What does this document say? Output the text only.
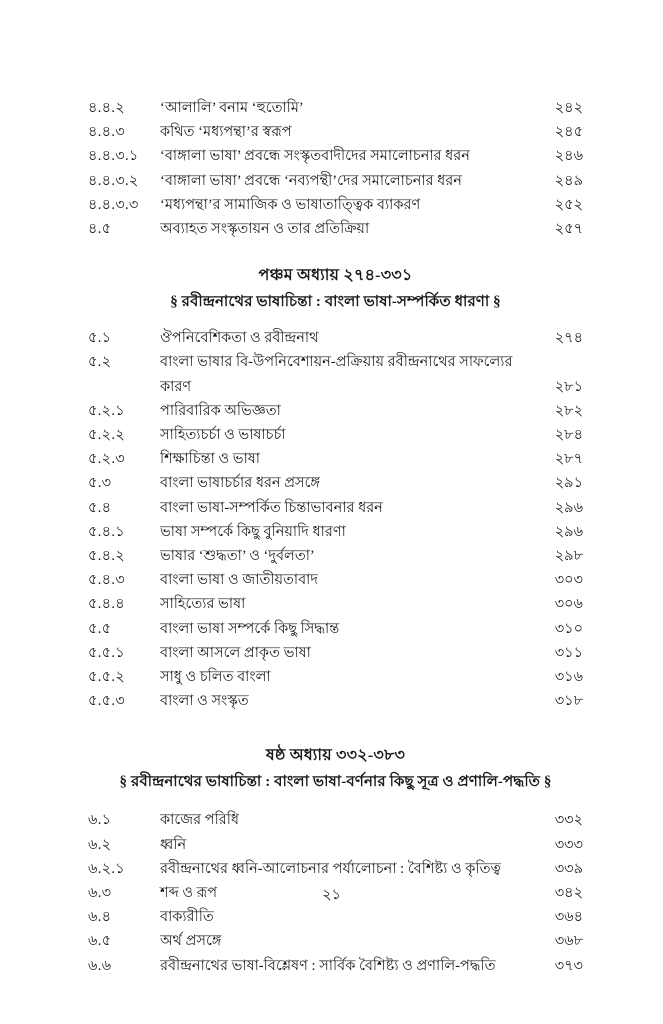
৪.৪.২	‘আলালি’ বনাম ‘হুতোমি’	২৪২
৪.৪.৩	কথিত ‘মধ্যপন্থা’র স্বরূপ	২৪৫
৪.৪.৩.১	‘বাঙ্গালা ভাষা’ প্রবন্ধে সংস্কৃতবাদীদের সমালোচনার ধরন	২৪৬
৪.৪.৩.২	‘বাঙ্গালা ভাষা’ প্রবন্ধে ‘নব্যপন্থী’দের সমালোচনার ধরন	২৪৯
৪.৪.৩.৩	‘মধ্যপন্থা’র সামাজিক ও ভাষাতাত্ত্বিক ব্যাকরণ	২৫২
৪.৫	অব্যাহত সংস্কৃতায়ন ও তার প্রতিক্রিয়া	২৫৭
পঞ্চম অধ্যায় ২৭৪-৩৩১
§ রবীন্দ্রনাথের ভাষাচিন্তা : বাংলা ভাষা-সম্পর্কিত ধারণা §
৫.১	ঔপনিবেশিকতা ও রবীন্দ্রনাথ	২৭৪
৫.২	বাংলা ভাষার বি-উপনিবেশায়ন-প্রক্রিয়ায় রবীন্দ্রনাথের সাফল্যের
কারণ	২৮১
৫.২.১	পারিবারিক অভিজ্ঞতা	২৮২
৫.২.২	সাহিত্যচর্চা ও ভাষাচর্চা	২৮৪
৫.২.৩	শিক্ষাচিন্তা ও ভাষা	২৮৭
৫.৩	বাংলা ভাষাচর্চার ধরন প্রসঙ্গে	২৯১
৫.৪	বাংলা ভাষা-সম্পর্কিত চিন্তাভাবনার ধরন	২৯৬
৫.৪.১	ভাষা সম্পর্কে কিছু বুনিয়াদি ধারণা	২৯৬
৫.৪.২	ভাষার ‘শুদ্ধতা’ ও ‘দুর্বলতা’	২৯৮
৫.৪.৩	বাংলা ভাষা ও জাতীয়তাবাদ	৩০৩
৫.৪.৪	সাহিত্যের ভাষা	৩০৬
৫.৫	বাংলা ভাষা সম্পর্কে কিছু সিদ্ধান্ত	৩১০
৫.৫.১	বাংলা আসলে প্রাকৃত ভাষা	৩১১
৫.৫.২	সাধু ও চলিত বাংলা	৩১৬
৫.৫.৩	বাংলা ও সংস্কৃত	৩১৮
ষষ্ঠ অধ্যায় ৩৩২-৩৮৩
§ রবীন্দ্রনাথের ভাষাচিন্তা : বাংলা ভাষা-বর্ণনার কিছু সূত্র ও প্রণালি-পদ্ধতি §
৬.১	কাজের পরিধি	৩৩২
৬.২	ধ্বনি	৩৩৩
৬.২.১	রবীন্দ্রনাথের ধ্বনি-আলোচনার পর্যালোচনা : বৈশিষ্ট্য ও কৃতিত্ব	৩৩৯
৬.৩	শব্দ ও রূপ	৩৪২
৬.৪	বাক্যরীতি	৩৬৪
৬.৫	অর্থ প্রসঙ্গে	৩৬৮
৬.৬	রবীন্দ্রনাথের ভাষা-বিশ্লেষণ : সার্বিক বৈশিষ্ট্য ও প্রণালি-পদ্ধতি	৩৭৩
২১
